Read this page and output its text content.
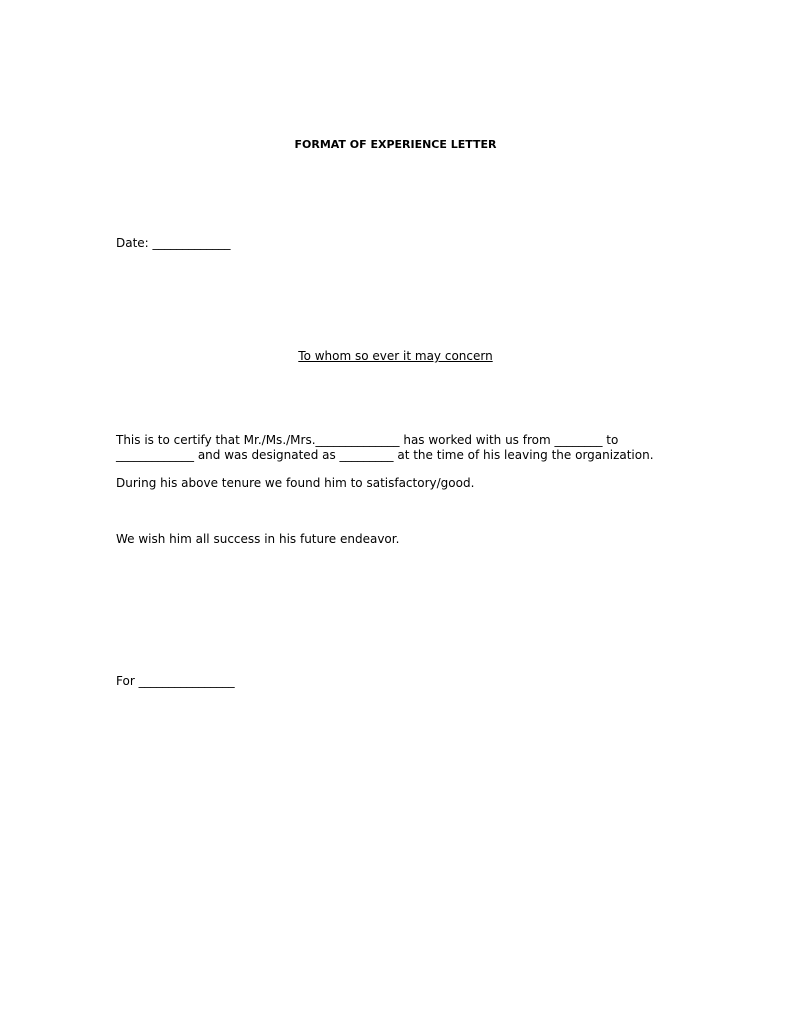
FORMAT OF EXPERIENCE LETTER

Date: _____________

To whom so ever it may concern

This is to certify that Mr./Ms./Mrs.______________ has worked with us from ________ to

_____________ and was designated as _________ at the time of his leaving the organization.

During his above tenure we found him to satisfactory/good.

We wish him all success in his future endeavor.

For ________________
